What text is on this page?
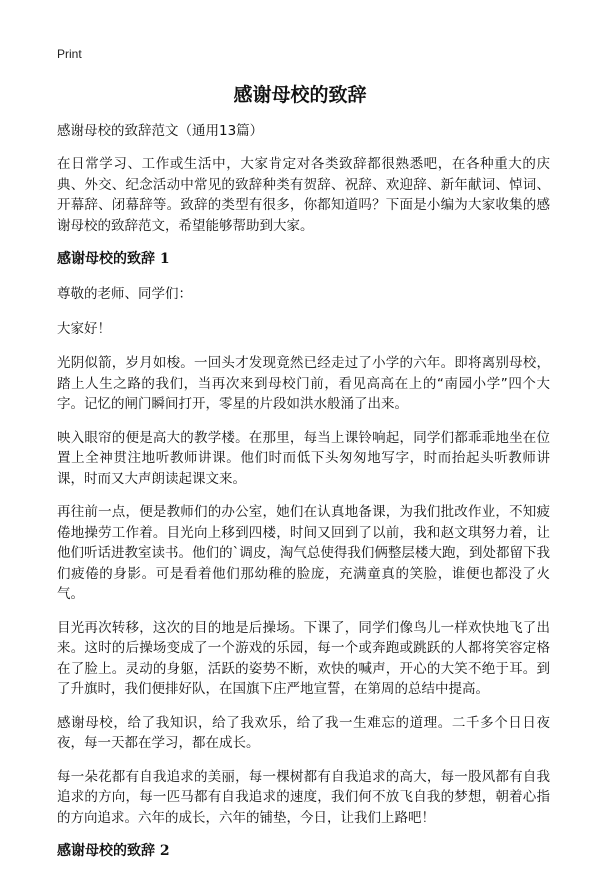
Print
感谢母校的致辞
感谢母校的致辞范文（通用13篇）

在日常学习、工作或生活中，大家肯定对各类致辞都很熟悉吧，在各种重大的庆典、外交、纪念活动中常见的致辞种类有贺辞、祝辞、欢迎辞、新年献词、悼词、开幕辞、闭幕辞等。致辞的类型有很多，你都知道吗？下面是小编为大家收集的感谢母校的致辞范文，希望能够帮助到大家。

感谢母校的致辞 1

尊敬的老师、同学们：

大家好！

光阴似箭，岁月如梭。一回头才发现竟然已经走过了小学的六年。即将离别母校，踏上人生之路的我们，当再次来到母校门前，看见高高在上的“南园小学”四个大字。记忆的闸门瞬间打开，零星的片段如洪水般涌了出来。

映入眼帘的便是高大的教学楼。在那里，每当上课铃响起，同学们都乖乖地坐在位置上全神贯注地听教师讲课。他们时而低下头匆匆地写字，时而抬起头听教师讲课，时而又大声朗读起课文来。

再往前一点，便是教师们的办公室，她们在认真地备课，为我们批改作业，不知疲倦地操劳工作着。目光向上移到四楼，时间又回到了以前，我和赵文琪努力着，让他们听话进教室读书。他们的`调皮，淘气总使得我们俩整层楼大跑，到处都留下我们疲倦的身影。可是看着他们那幼稚的脸庞，充满童真的笑脸，谁便也都没了火气。

目光再次转移，这次的目的地是后操场。下课了，同学们像鸟儿一样欢快地飞了出来。这时的后操场变成了一个游戏的乐园，每一个或奔跑或跳跃的人都将笑容定格在了脸上。灵动的身躯，活跃的姿势不断，欢快的喊声，开心的大笑不绝于耳。到了升旗时，我们便排好队，在国旗下庄严地宣誓，在第周的总结中提高。

感谢母校，给了我知识，给了我欢乐，给了我一生难忘的道理。二千多个日日夜夜，每一天都在学习，都在成长。

每一朵花都有自我追求的美丽，每一棵树都有自我追求的高大，每一股风都有自我追求的方向，每一匹马都有自我追求的速度，我们何不放飞自我的梦想，朝着心指的方向追求。六年的成长，六年的铺垫，今日，让我们上路吧！

感谢母校的致辞 2
